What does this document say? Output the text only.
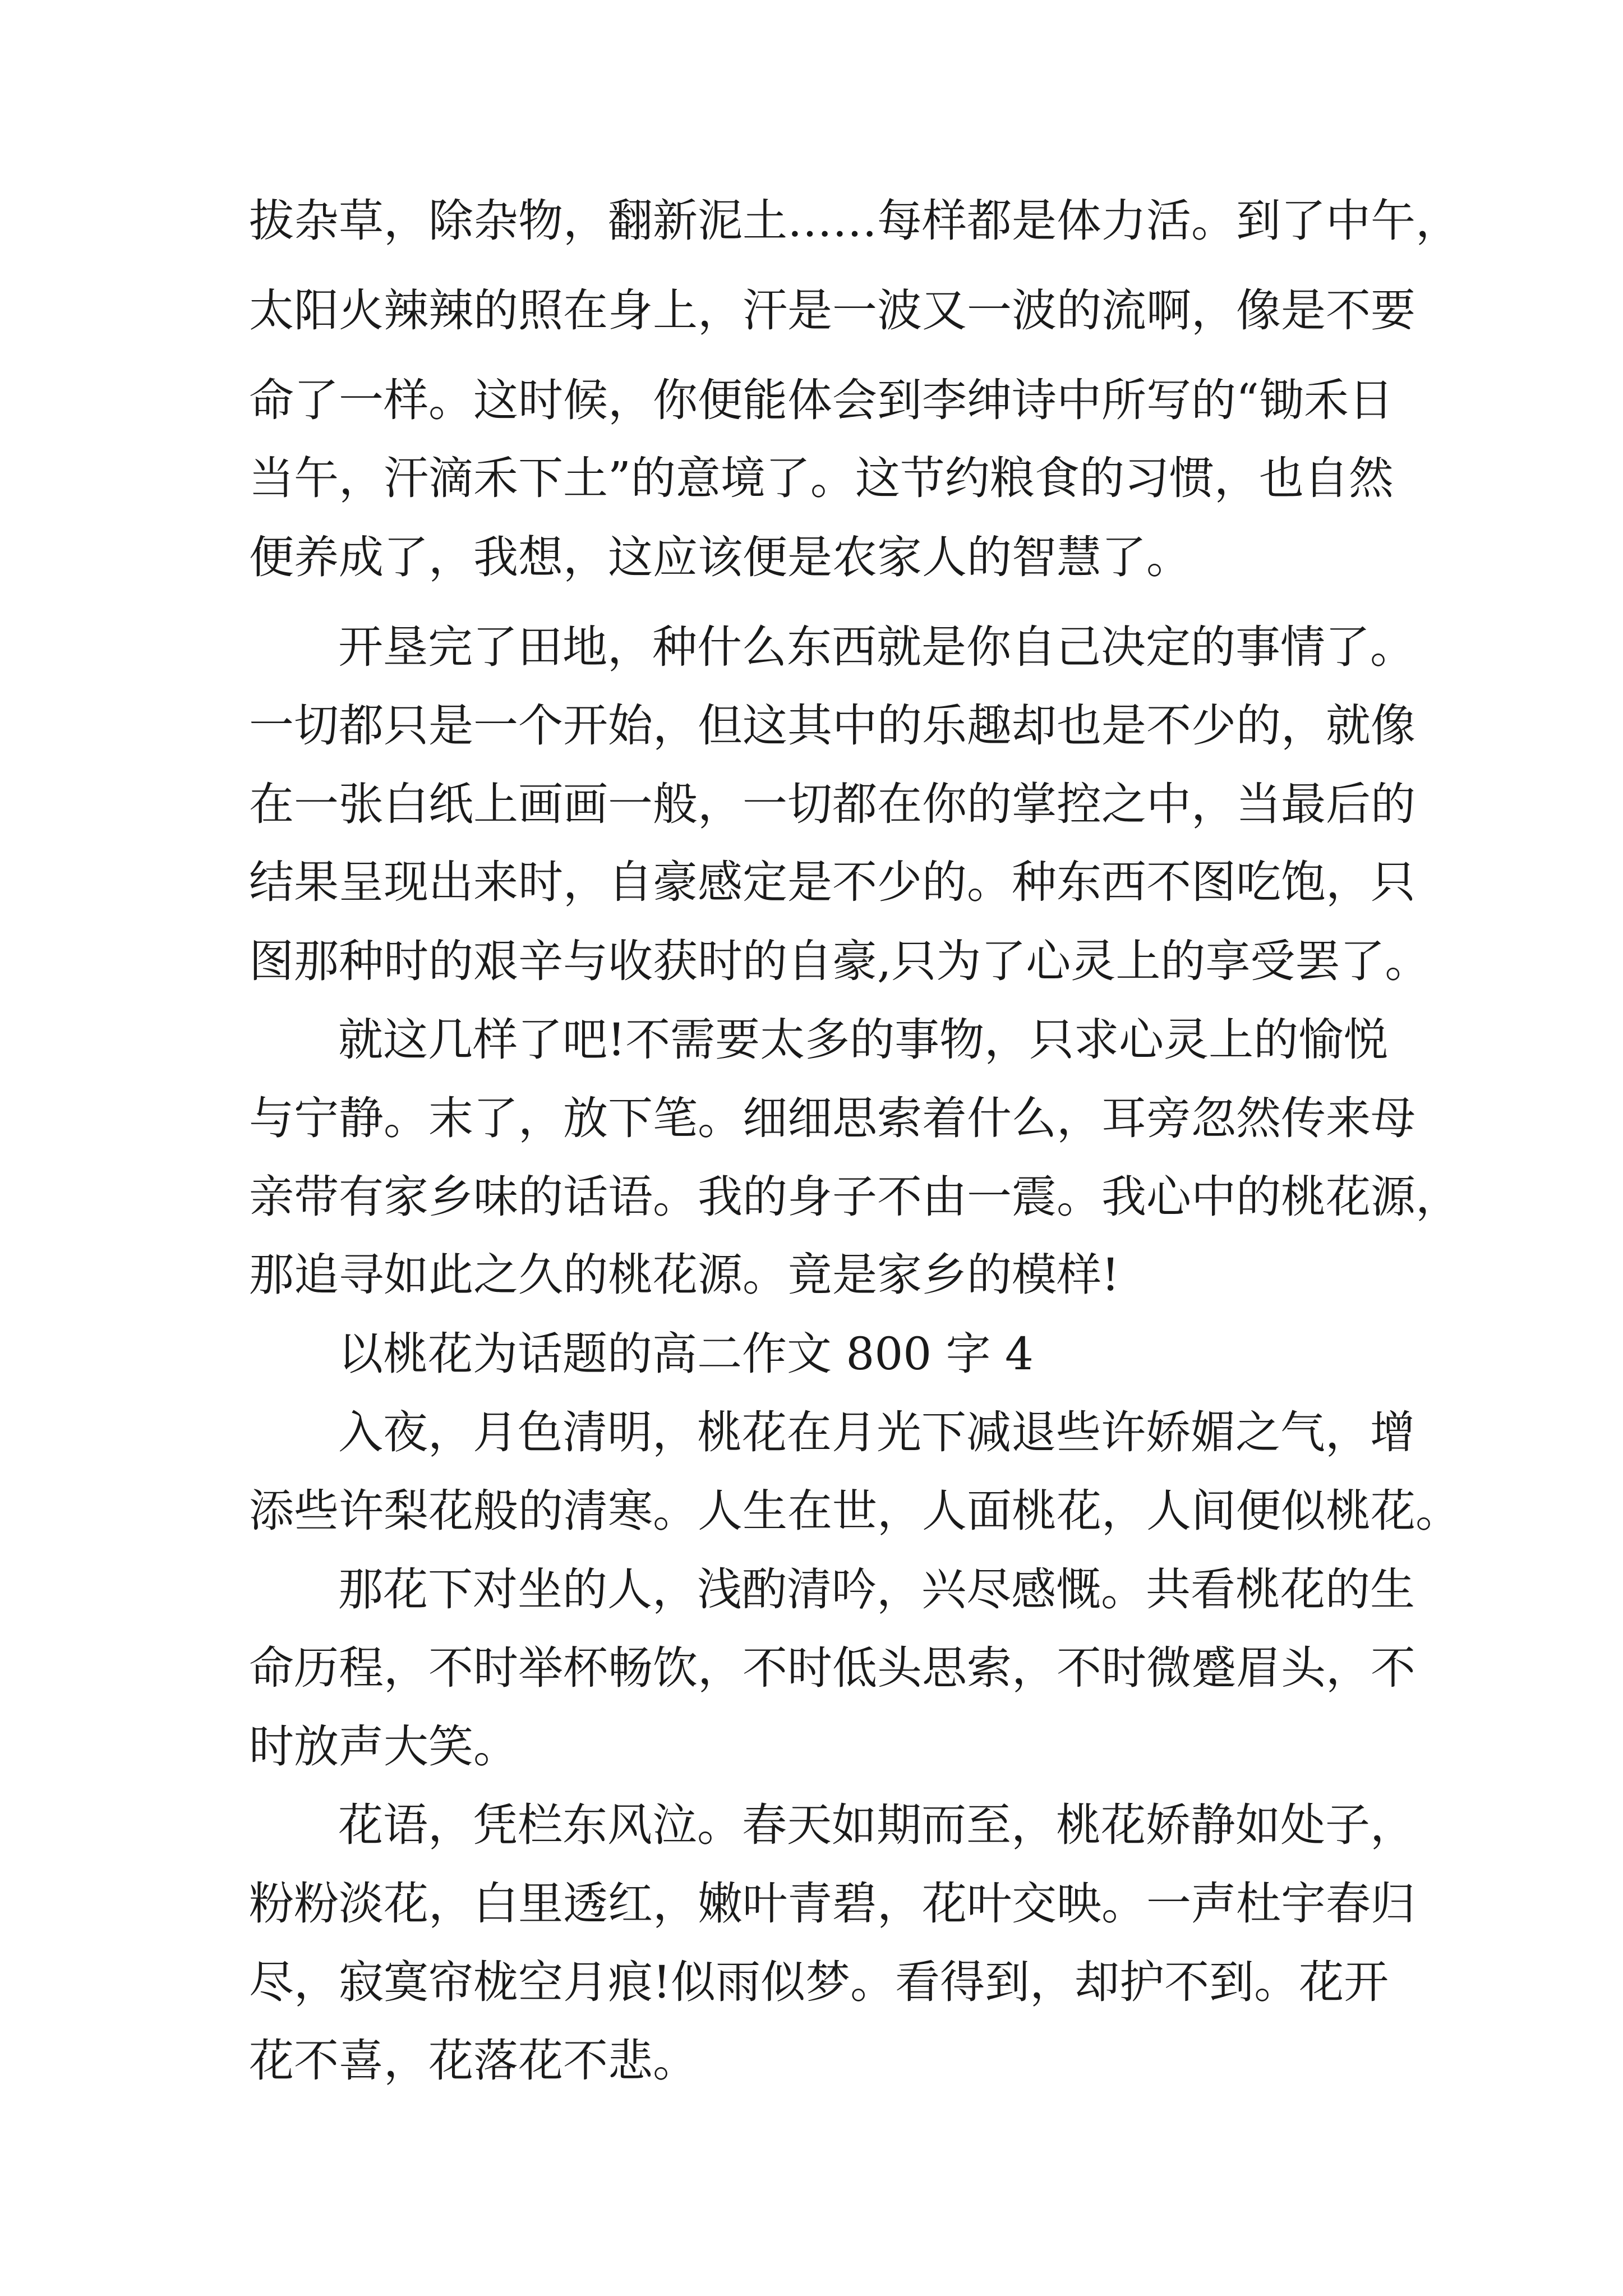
拔杂草，除杂物，翻新泥土……每样都是体力活。到了中午，
太阳火辣辣的照在身上，汗是一波又一波的流啊，像是不要
命了一样。这时候，你便能体会到李绅诗中所写的“锄禾日
当午，汗滴禾下土”的意境了。这节约粮食的习惯，也自然
便养成了，我想，这应该便是农家人的智慧了。
开垦完了田地，种什么东西就是你自己决定的事情了。
一切都只是一个开始，但这其中的乐趣却也是不少的，就像
在一张白纸上画画一般，一切都在你的掌控之中，当最后的
结果呈现出来时，自豪感定是不少的。种东西不图吃饱，只
图那种时的艰辛与收获时的自豪,只为了心灵上的享受罢了。
就这几样了吧!不需要太多的事物，只求心灵上的愉悦
与宁静。末了，放下笔。细细思索着什么，耳旁忽然传来母
亲带有家乡味的话语。我的身子不由一震。我心中的桃花源，
那追寻如此之久的桃花源。竟是家乡的模样!
以桃花为话题的高二作文 800 字 4
入夜，月色清明，桃花在月光下减退些许娇媚之气，增
添些许梨花般的清寒。人生在世，人面桃花，人间便似桃花。
那花下对坐的人，浅酌清吟，兴尽感慨。共看桃花的生
命历程，不时举杯畅饮，不时低头思索，不时微蹙眉头，不
时放声大笑。
花语，凭栏东风泣。春天如期而至，桃花娇静如处子，
粉粉淡花，白里透红，嫩叶青碧，花叶交映。一声杜宇春归
尽，寂寞帘栊空月痕!似雨似梦。看得到，却护不到。花开
花不喜，花落花不悲。
